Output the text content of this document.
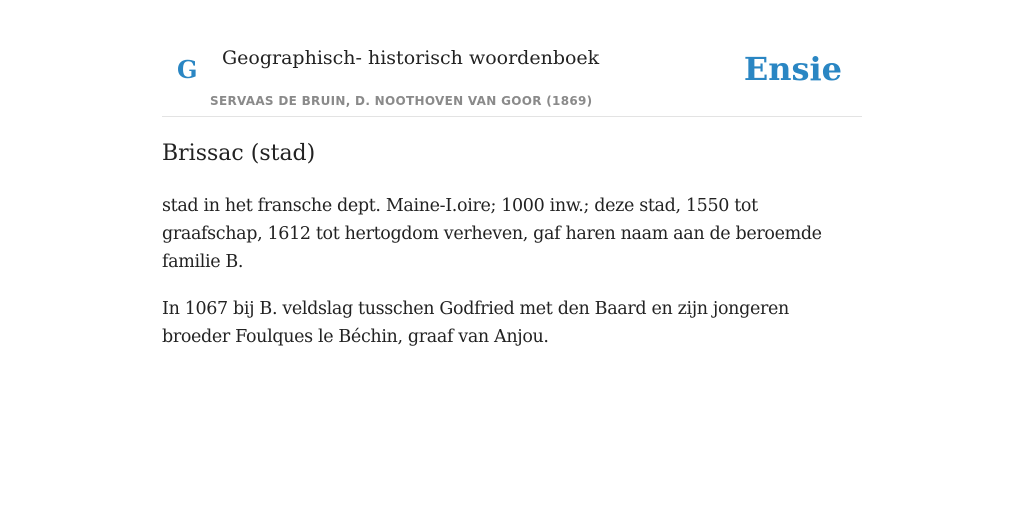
G Geographisch- historisch woordenboek
SERVAAS DE BRUIN, D. NOOTHOVEN VAN GOOR (1869)
Ensie
Brissac (stad)

stad in het fransche dept. Maine-I.oire; 1000 inw.; deze stad, 1550 tot graafschap, 1612 tot hertogdom verheven, gaf haren naam aan de beroemde familie B.

In 1067 bij B. veldslag tusschen Godfried met den Baard en zijn jongeren broeder Foulques le Béchin, graaf van Anjou.
